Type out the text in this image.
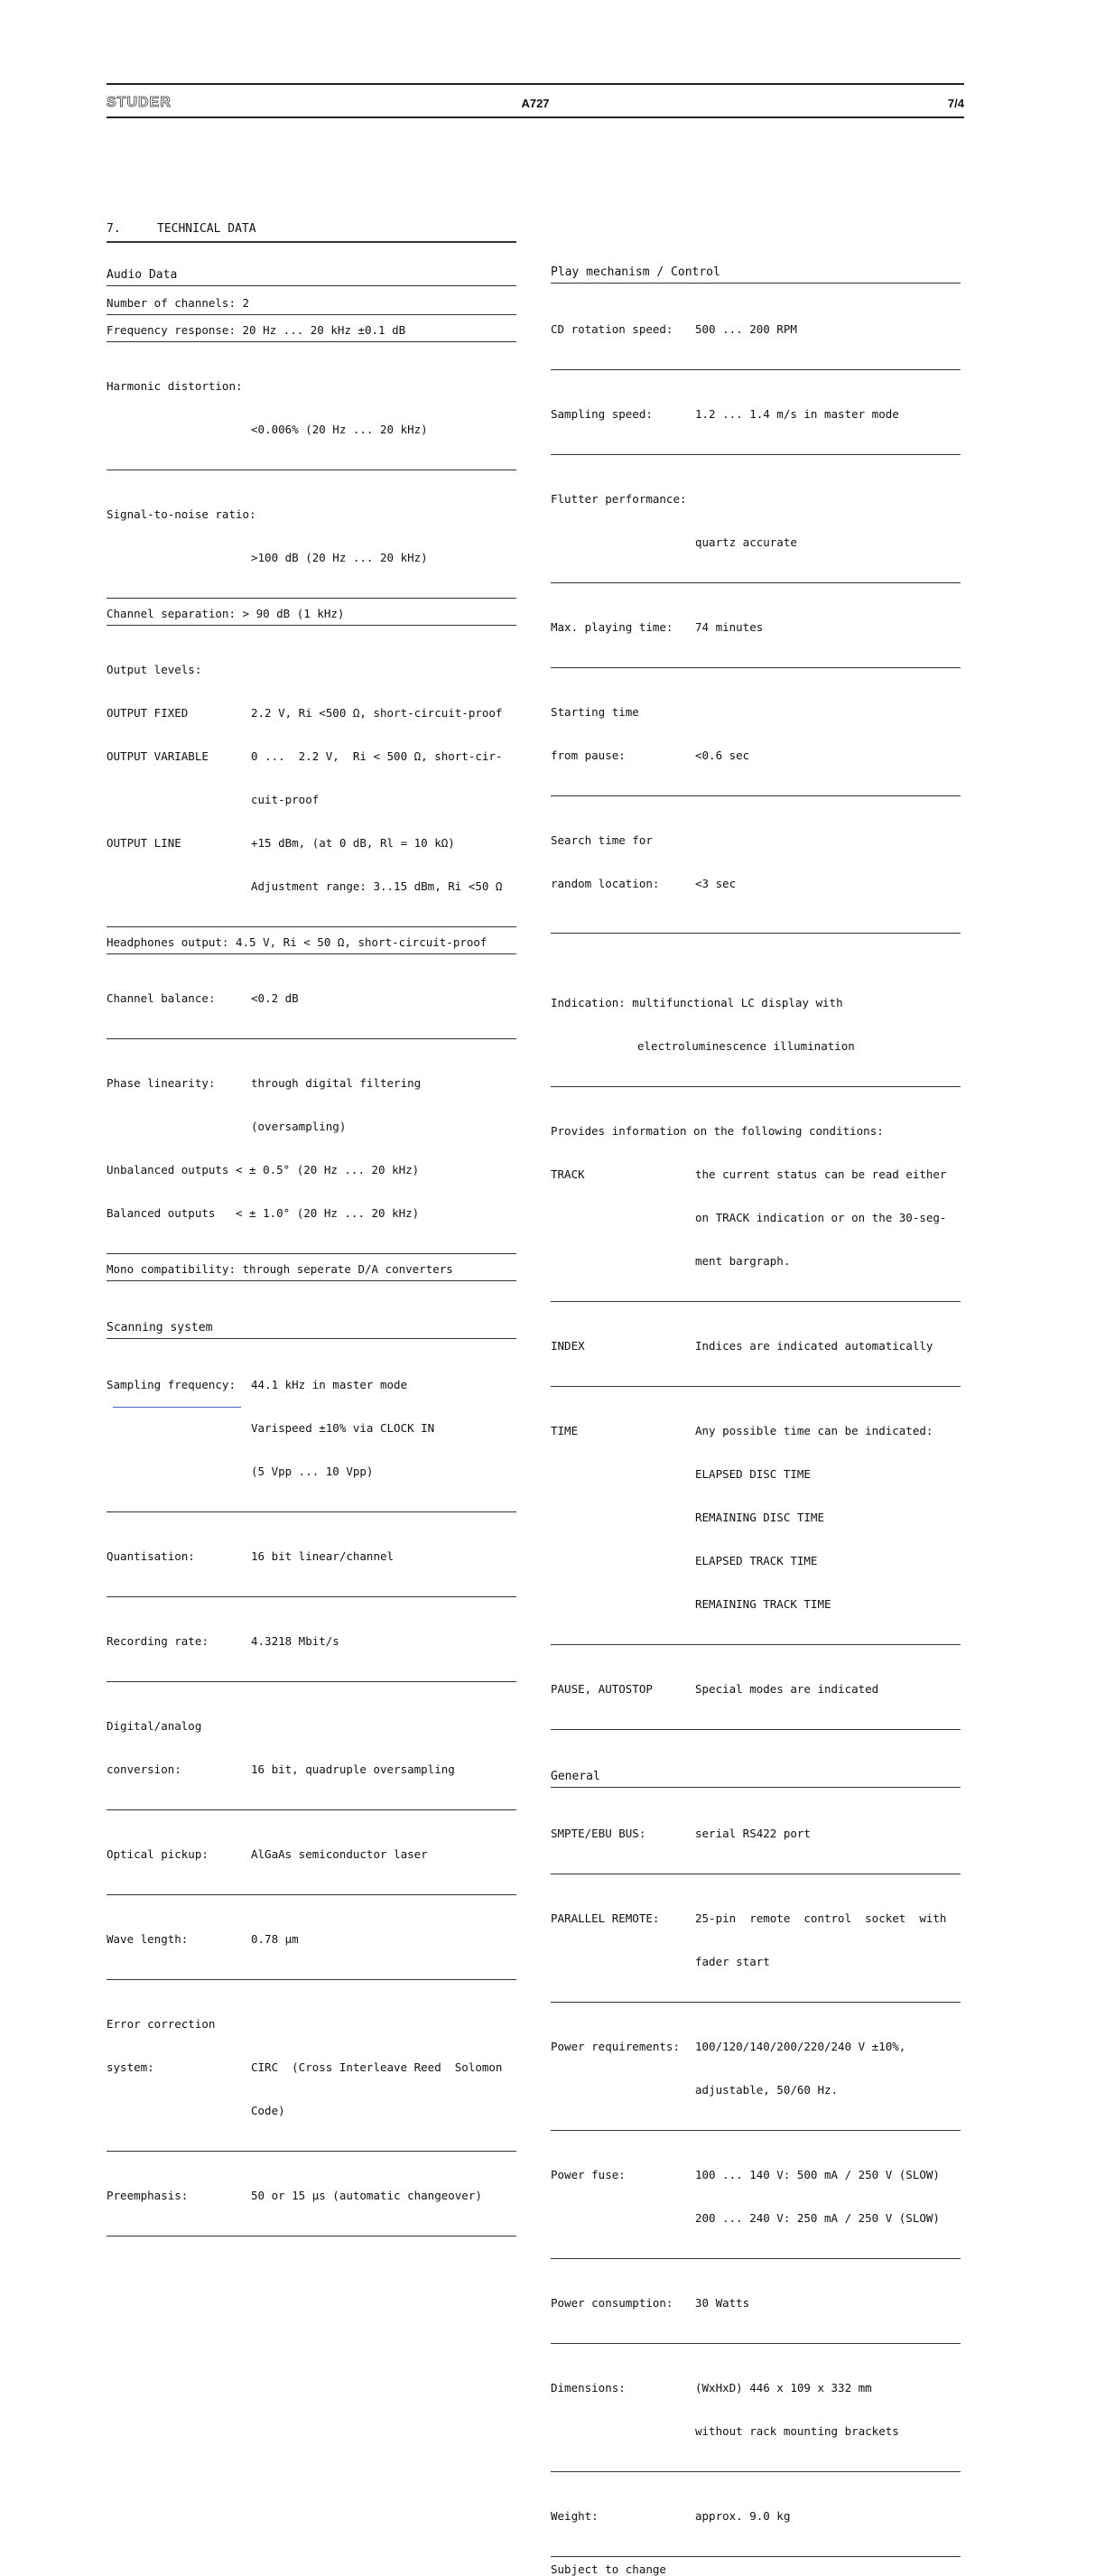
STUDER	A727	7/4
7.	TECHNICAL DATA
Audio Data
Number of channels: 2
Frequency response: 20 Hz ... 20 kHz ±0.1 dB

Harmonic distortion:

<0.006% (20 Hz ... 20 kHz)

Signal-to-noise ratio:

>100 dB (20 Hz ... 20 kHz)

Channel separation: > 90 dB (1 kHz)

Output levels:

OUTPUT FIXED	2.2 V, Ri <500 Ω, short-circuit-proof

OUTPUT VARIABLE	0 ...  2.2 V,  Ri < 500 Ω, short-cir-

cuit-proof

OUTPUT LINE	+15 dBm, (at 0 dB, Rl = 10 kΩ)

Adjustment range: 3..15 dBm, Ri <50 Ω

Headphones output: 4.5 V, Ri < 50 Ω, short-circuit-proof

Channel balance:	<0.2 dB

Phase linearity:	through digital filtering

(oversampling)

Unbalanced outputs < ± 0.5° (20 Hz ... 20 kHz)

Balanced outputs   < ± 1.0° (20 Hz ... 20 kHz)

Mono compatibility: through seperate D/A converters
Scanning system

Sampling frequency:	44.1 kHz in master mode

Varispeed ±10% via CLOCK IN

(5 Vpp ... 10 Vpp)

Quantisation:	16 bit linear/channel

Recording rate:	4.3218 Mbit/s

Digital/analog

conversion:	16 bit, quadruple oversampling

Optical pickup:	AlGaAs semiconductor laser

Wave length:	0.78 µm

Error correction

system:	CIRC  (Cross Interleave Reed  Solomon

Code)

Preemphasis:	50 or 15 µs (automatic changeover)

Play mechanism / Control

CD rotation speed:	500 ... 200 RPM

Sampling speed:	1.2 ... 1.4 m/s in master mode

Flutter performance:

quartz accurate

Max. playing time:	74 minutes

Starting time

from pause:	<0.6 sec

Search time for

random location:	<3 sec

Indication: multifunctional LC display with

electroluminescence illumination

Provides information on the following conditions:

TRACK	the current status can be read either

on TRACK indication or on the 30-seg-

ment bargraph.

INDEX	Indices are indicated automatically

TIME	Any possible time can be indicated:

ELAPSED DISC TIME

REMAINING DISC TIME

ELAPSED TRACK TIME

REMAINING TRACK TIME

PAUSE, AUTOSTOP	Special modes are indicated

General

SMPTE/EBU BUS:	serial RS422 port

PARALLEL REMOTE:	25-pin  remote  control  socket  with

fader start

Power requirements:	100/120/140/200/220/240 V ±10%,

adjustable, 50/60 Hz.

Power fuse:	100 ... 140 V: 500 mA / 250 V (SLOW)

200 ... 240 V: 250 mA / 250 V (SLOW)

Power consumption:	30 Watts

Dimensions:	(WxHxD) 446 x 109 x 332 mm

without rack mounting brackets

Weight:	approx. 9.0 kg

Subject to change
